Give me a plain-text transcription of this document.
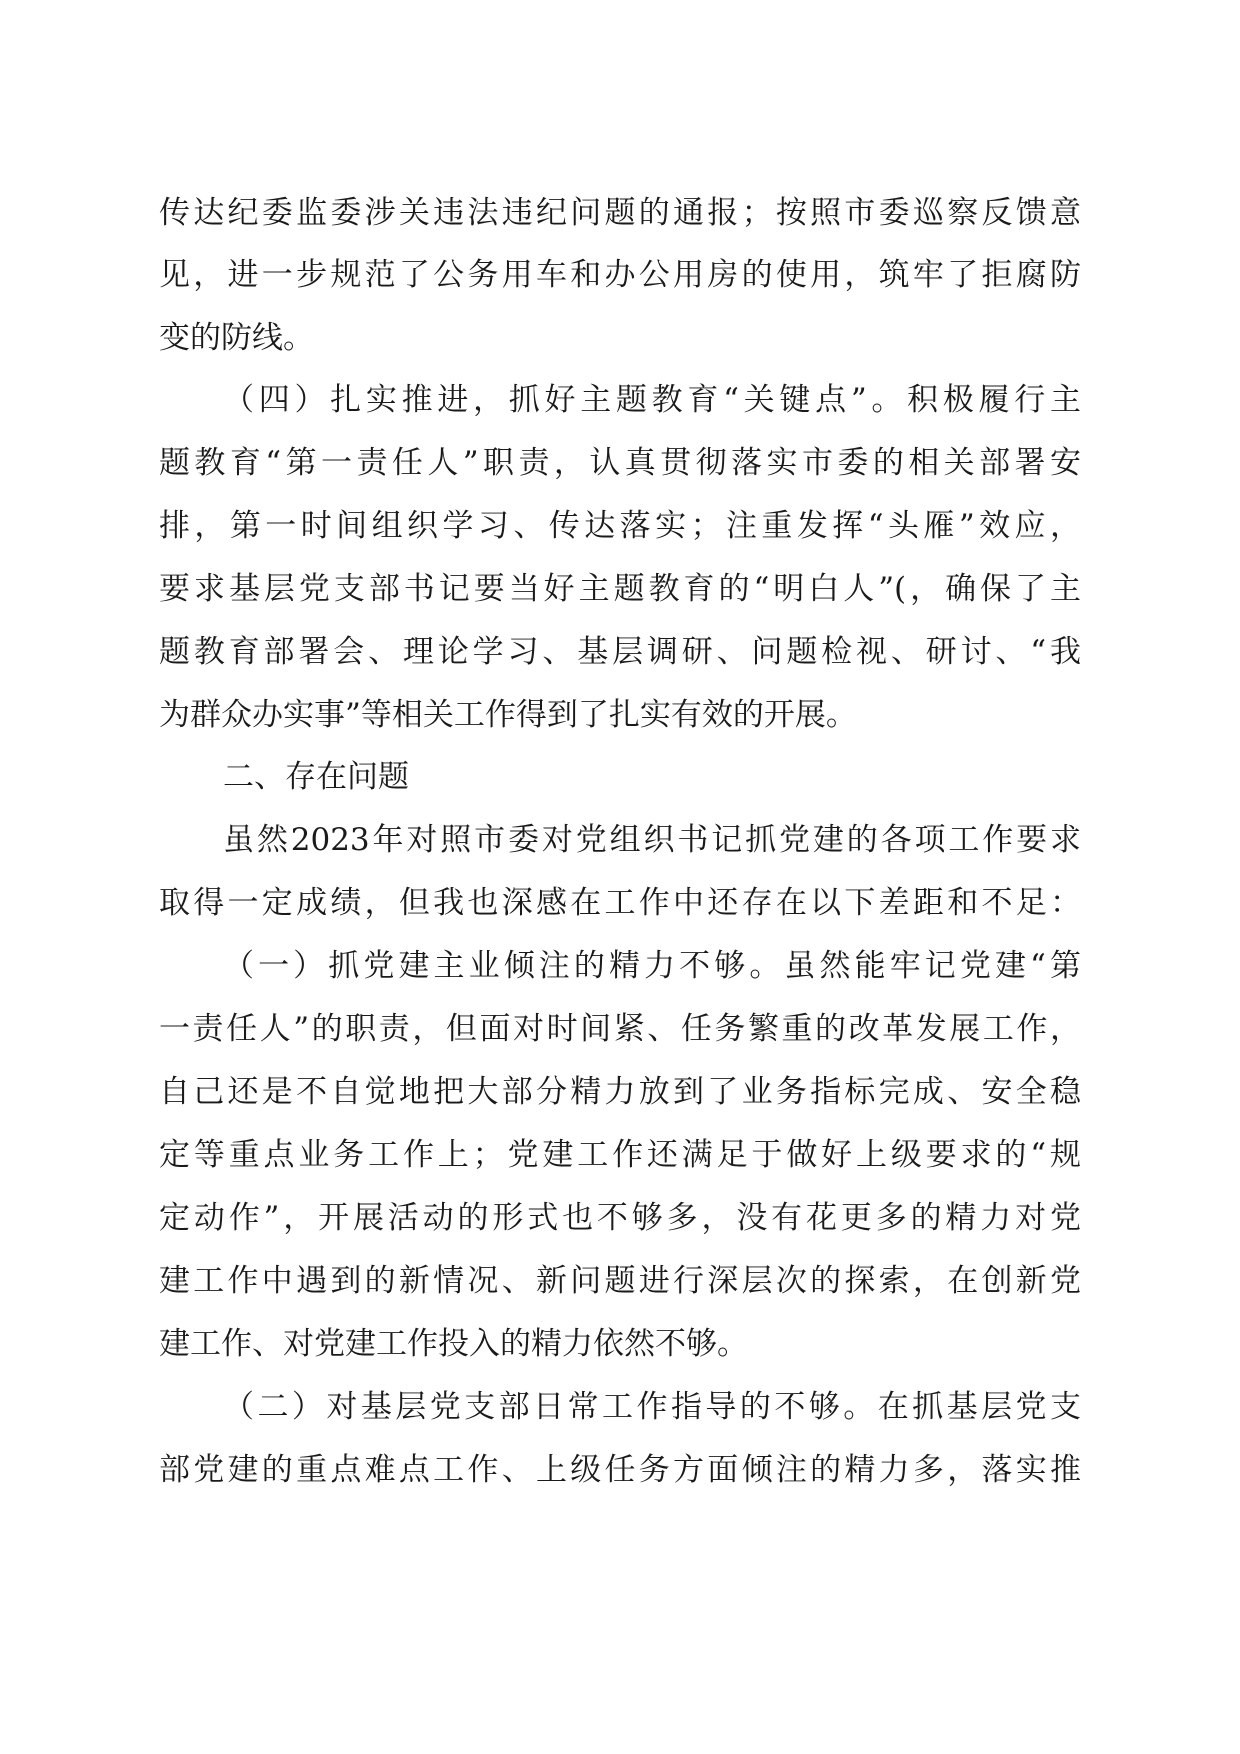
传达纪委监委涉关违法违纪问题的通报；按照市委巡察反馈意
见，进一步规范了公务用车和办公用房的使用，筑牢了拒腐防
变的防线。
（四）扎实推进，抓好主题教育“关键点”。积极履行主
题教育“第一责任人”职责，认真贯彻落实市委的相关部署安
排，第一时间组织学习、传达落实；注重发挥“头雁”效应，
要求基层党支部书记要当好主题教育的“明白人”(，确保了主
题教育部署会、理论学习、基层调研、问题检视、研讨、“我
为群众办实事”等相关工作得到了扎实有效的开展。
二、存在问题
虽然2023年对照市委对党组织书记抓党建的各项工作要求
取得一定成绩，但我也深感在工作中还存在以下差距和不足：
（一）抓党建主业倾注的精力不够。虽然能牢记党建“第
一责任人”的职责，但面对时间紧、任务繁重的改革发展工作，
自己还是不自觉地把大部分精力放到了业务指标完成、安全稳
定等重点业务工作上；党建工作还满足于做好上级要求的“规
定动作”，开展活动的形式也不够多，没有花更多的精力对党
建工作中遇到的新情况、新问题进行深层次的探索，在创新党
建工作、对党建工作投入的精力依然不够。
（二）对基层党支部日常工作指导的不够。在抓基层党支
部党建的重点难点工作、上级任务方面倾注的精力多，落实推
